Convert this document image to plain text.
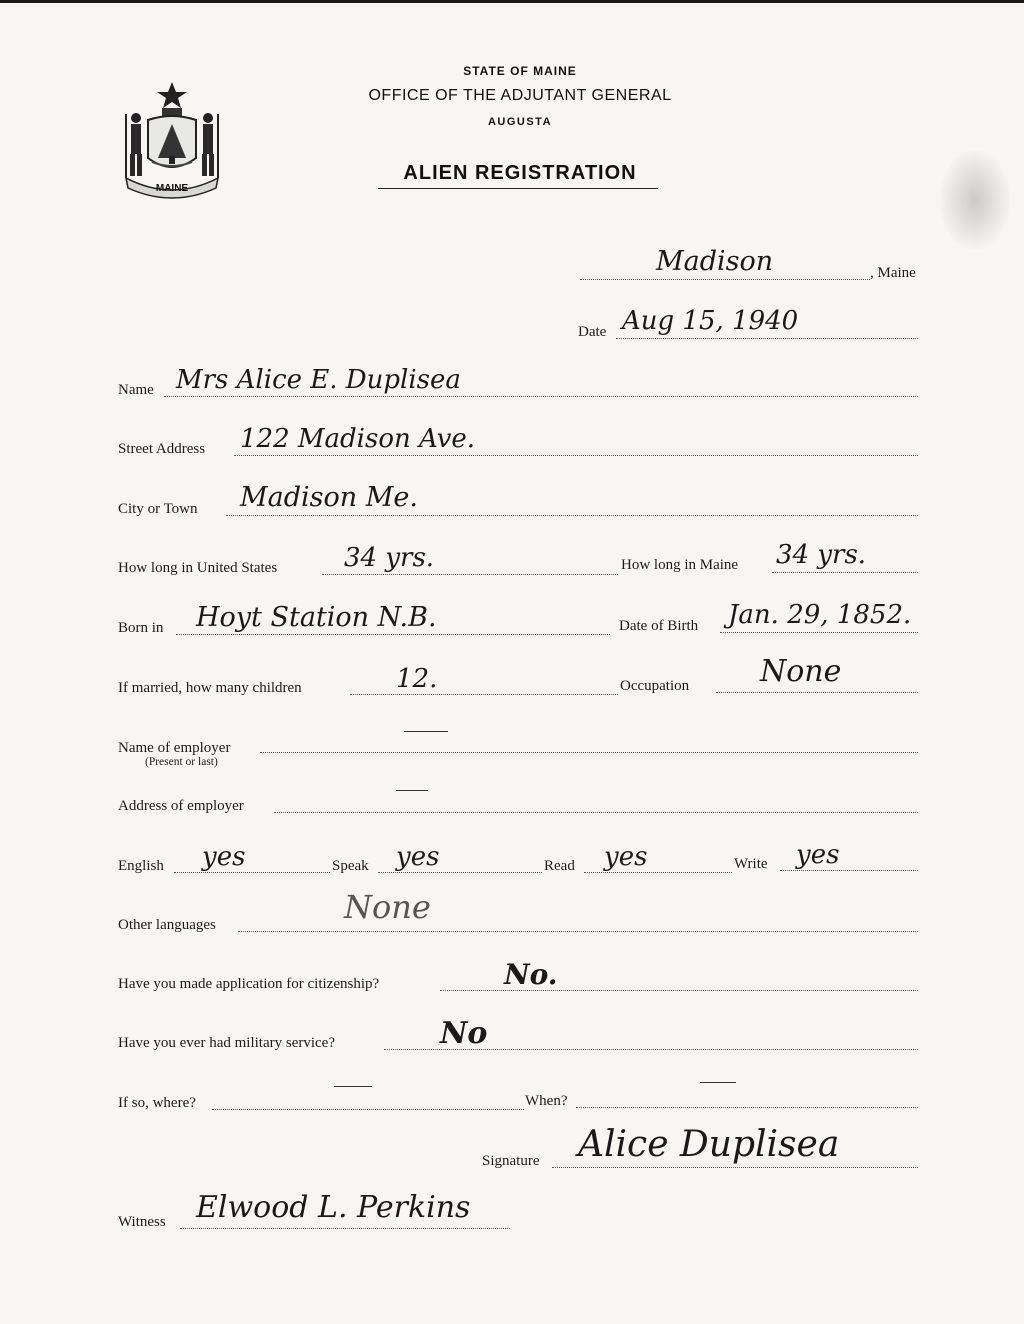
MAINE
STATE OF MAINE
OFFICE OF THE ADJUTANT GENERAL
AUGUSTA
ALIEN REGISTRATION
Madison	, Maine
Date Aug 15, 1940
Name Mrs Alice E. Duplisea
Street Address 122 Madison Ave.
City or Town Madison Me.
How long in United States	34 yrs.	How long in Maine 34 yrs.
Born in Hoyt Station N.B.	Date of Birth Jan. 29, 1852.
If married, how many children	12.	Occupation None
Name of employer
(Present or last)
Address of employer
English yes	Speak yes	Read yes	Write yes
Other languages	None
Have you made application for citizenship?	No.
Have you ever had military service?	No
If so, where?	When?
Signature Alice Duplisea
Witness Elwood L. Perkins
